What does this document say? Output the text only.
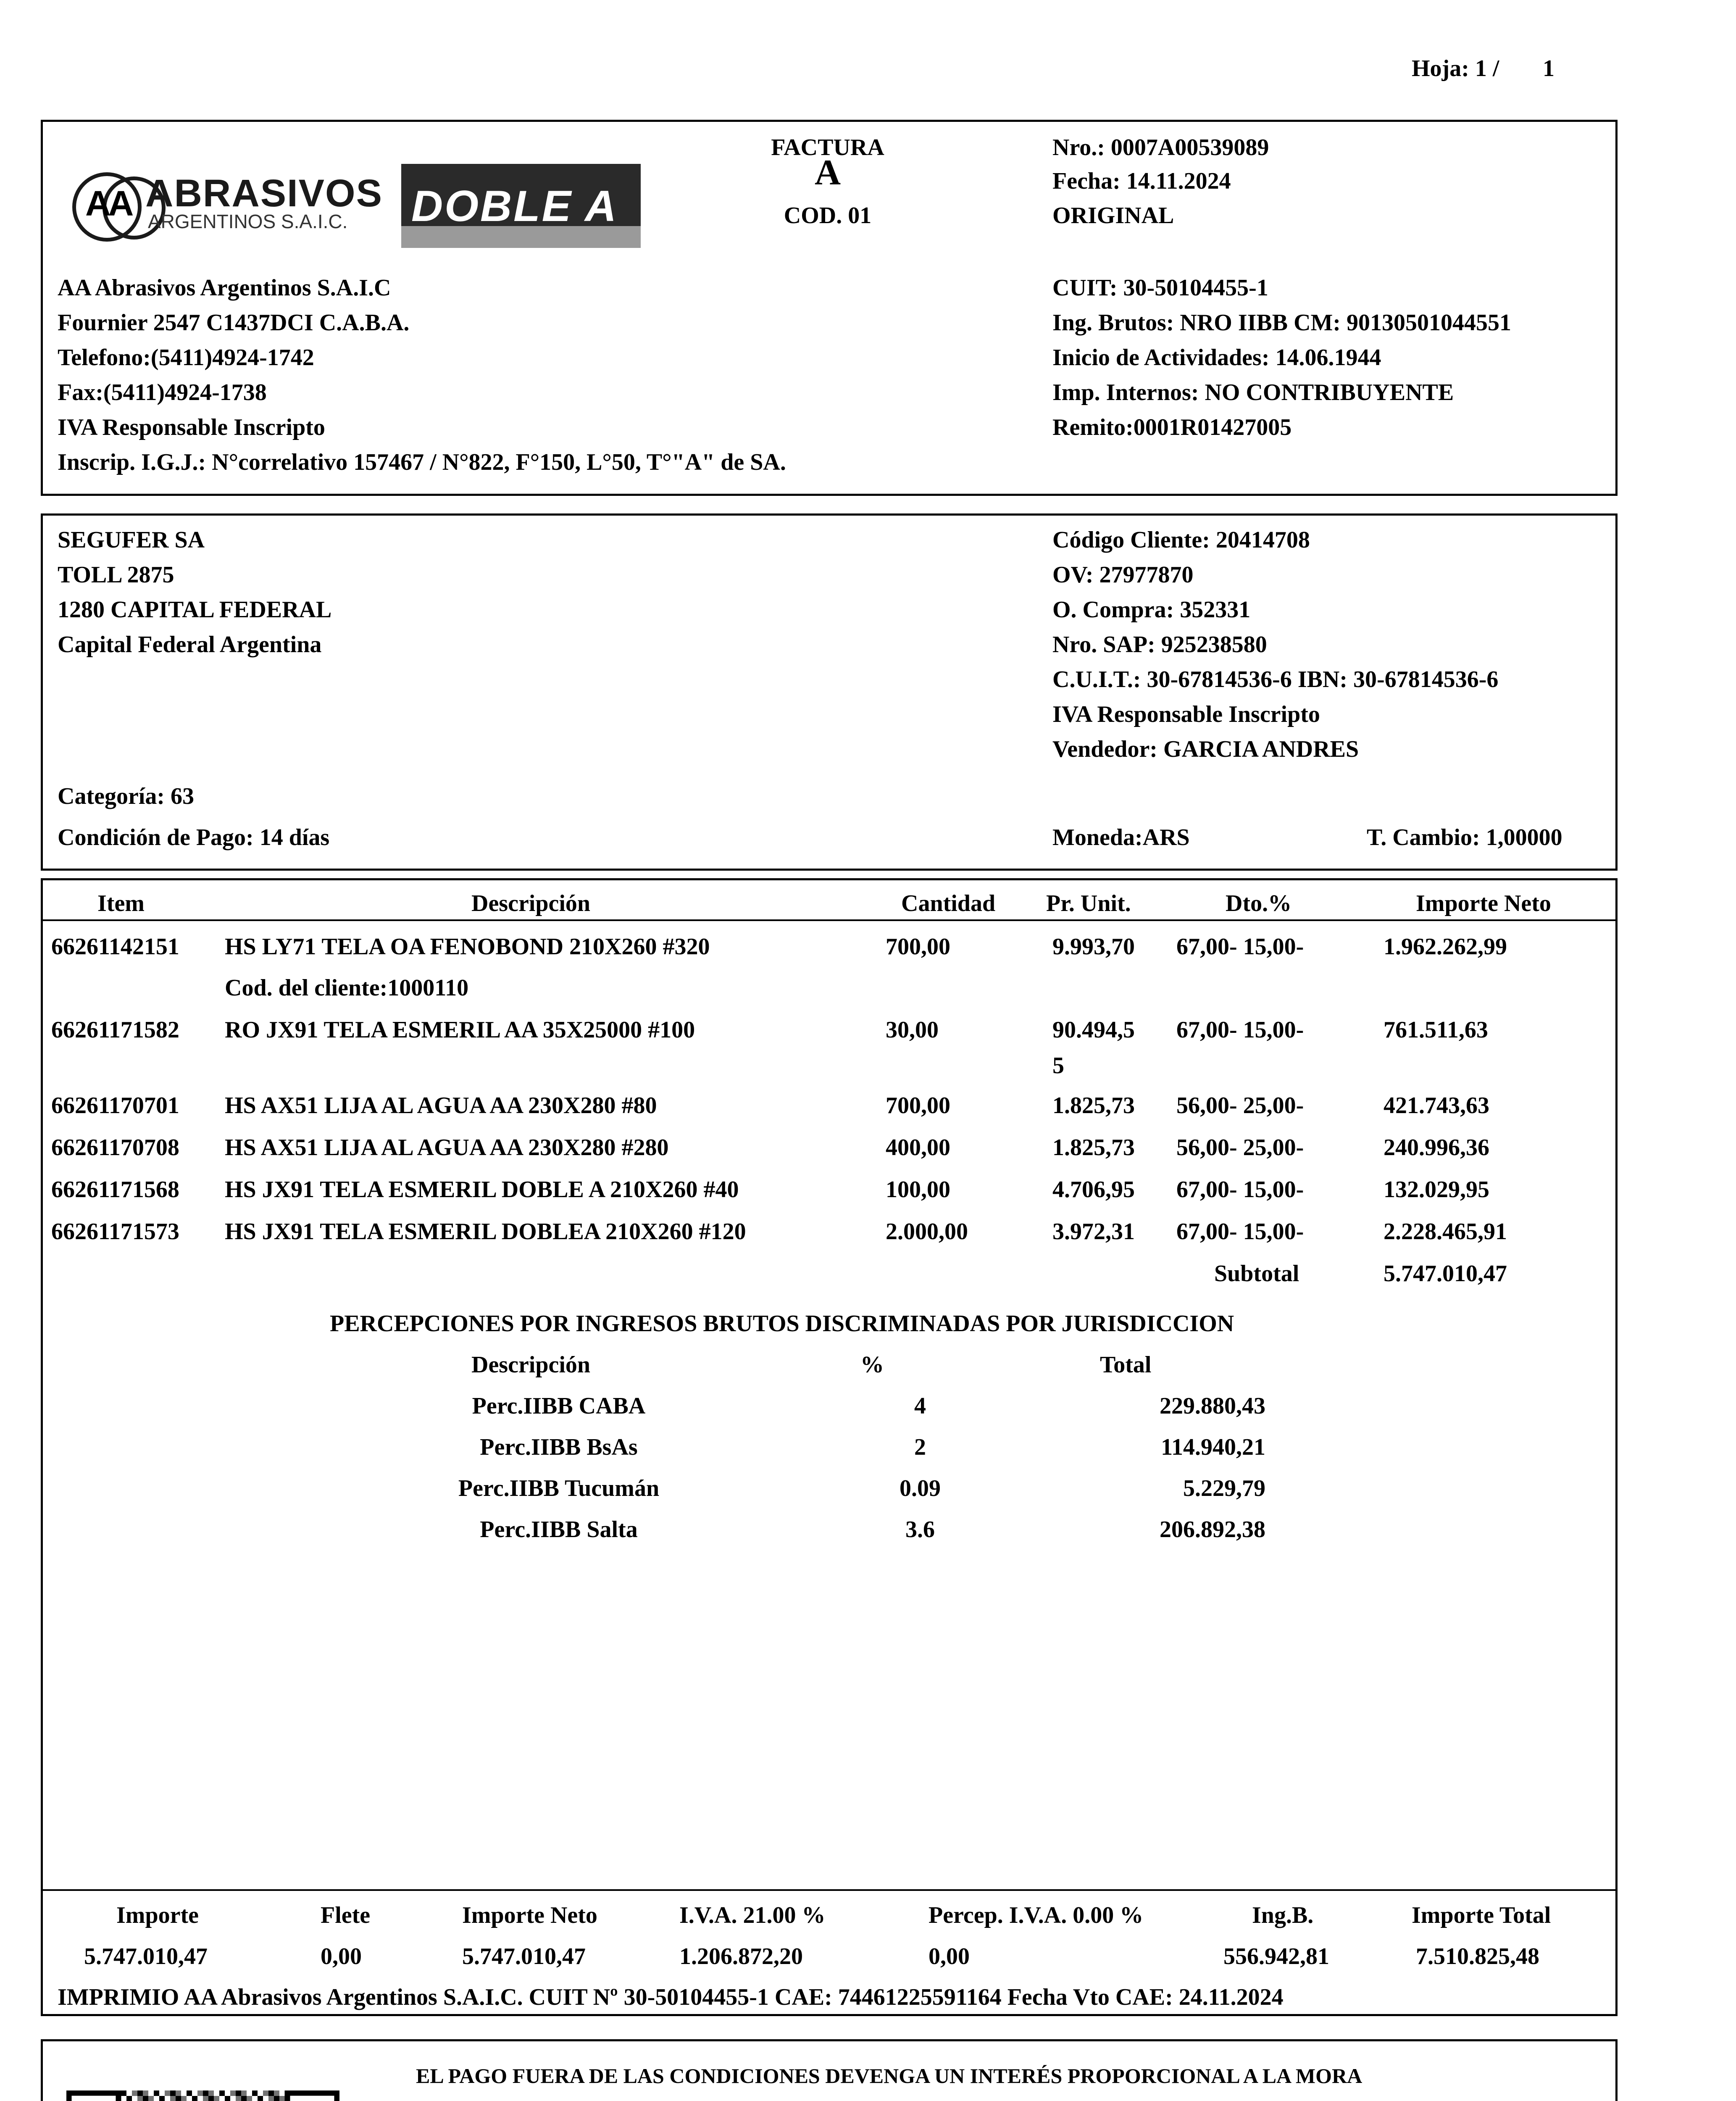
Hoja: 1 / 1
AA ABRASIVOS
ARGENTINOS S.A.I.C. DOBLE A
FACTURA
A
COD. 01
Nro.: 0007A00539089
Fecha: 14.11.2024
ORIGINAL
AA Abrasivos Argentinos S.A.I.C
Fournier 2547 C1437DCI C.A.B.A.
Telefono:(5411)4924-1742
Fax:(5411)4924-1738
IVA Responsable Inscripto
Inscrip. I.G.J.: N°correlativo 157467 / N°822, F°150, L°50, T°"A" de SA.
CUIT: 30-50104455-1
Ing. Brutos: NRO IIBB CM: 90130501044551
Inicio de Actividades: 14.06.1944
Imp. Internos: NO CONTRIBUYENTE
Remito:0001R01427005
SEGUFER SA
TOLL 2875
1280 CAPITAL FEDERAL
Capital Federal Argentina
Categoría: 63
Condición de Pago: 14 días
Código Cliente: 20414708
OV: 27977870
O. Compra: 352331
Nro. SAP: 925238580
C.U.I.T.: 30-67814536-6 IBN: 30-67814536-6
IVA Responsable Inscripto
Vendedor: GARCIA ANDRES
Moneda:ARS	T. Cambio: 1,00000
Item	Descripción	Cantidad Pr. Unit.	Dto.%	Importe Neto
66261142151 HS LY71 TELA OA FENOBOND 210X260 #320	700,00	9.993,70 67,00- 15,00-	1.962.262,99
Cod. del cliente:1000110
66261171582 RO JX91 TELA ESMERIL AA 35X25000 #100	30,00	90.494,5 67,00- 15,00-	761.511,63
5
66261170701 HS AX51 LIJA AL AGUA AA 230X280 #80	700,00	1.825,73 56,00- 25,00-	421.743,63
66261170708 HS AX51 LIJA AL AGUA AA 230X280 #280	400,00	1.825,73 56,00- 25,00-	240.996,36
66261171568 HS JX91 TELA ESMERIL DOBLE A 210X260 #40	100,00	4.706,95 67,00- 15,00-	132.029,95
66261171573 HS JX91 TELA ESMERIL DOBLEA 210X260 #120	2.000,00	3.972,31 67,00- 15,00-	2.228.465,91
Subtotal	5.747.010,47
PERCEPCIONES POR INGRESOS BRUTOS DISCRIMINADAS POR JURISDICCION
Descripción	%	Total
Perc.IIBB CABA	4	229.880,43
Perc.IIBB BsAs	2	114.940,21
Perc.IIBB Tucumán	0.09	5.229,79
Perc.IIBB Salta	3.6	206.892,38
Importe	Flete	Importe Neto	I.V.A. 21.00 %	Percep. I.V.A. 0.00 %	Ing.B.	Importe Total
5.747.010,47	0,00	5.747.010,47	1.206.872,20	0,00	556.942,81	7.510.825,48
IMPRIMIO AA Abrasivos Argentinos S.A.I.C. CUIT Nº 30-50104455-1 CAE: 74461225591164 Fecha Vto CAE: 24.11.2024
EL PAGO FUERA DE LAS CONDICIONES DEVENGA UN INTERÉS PROPORCIONAL A LA MORA
